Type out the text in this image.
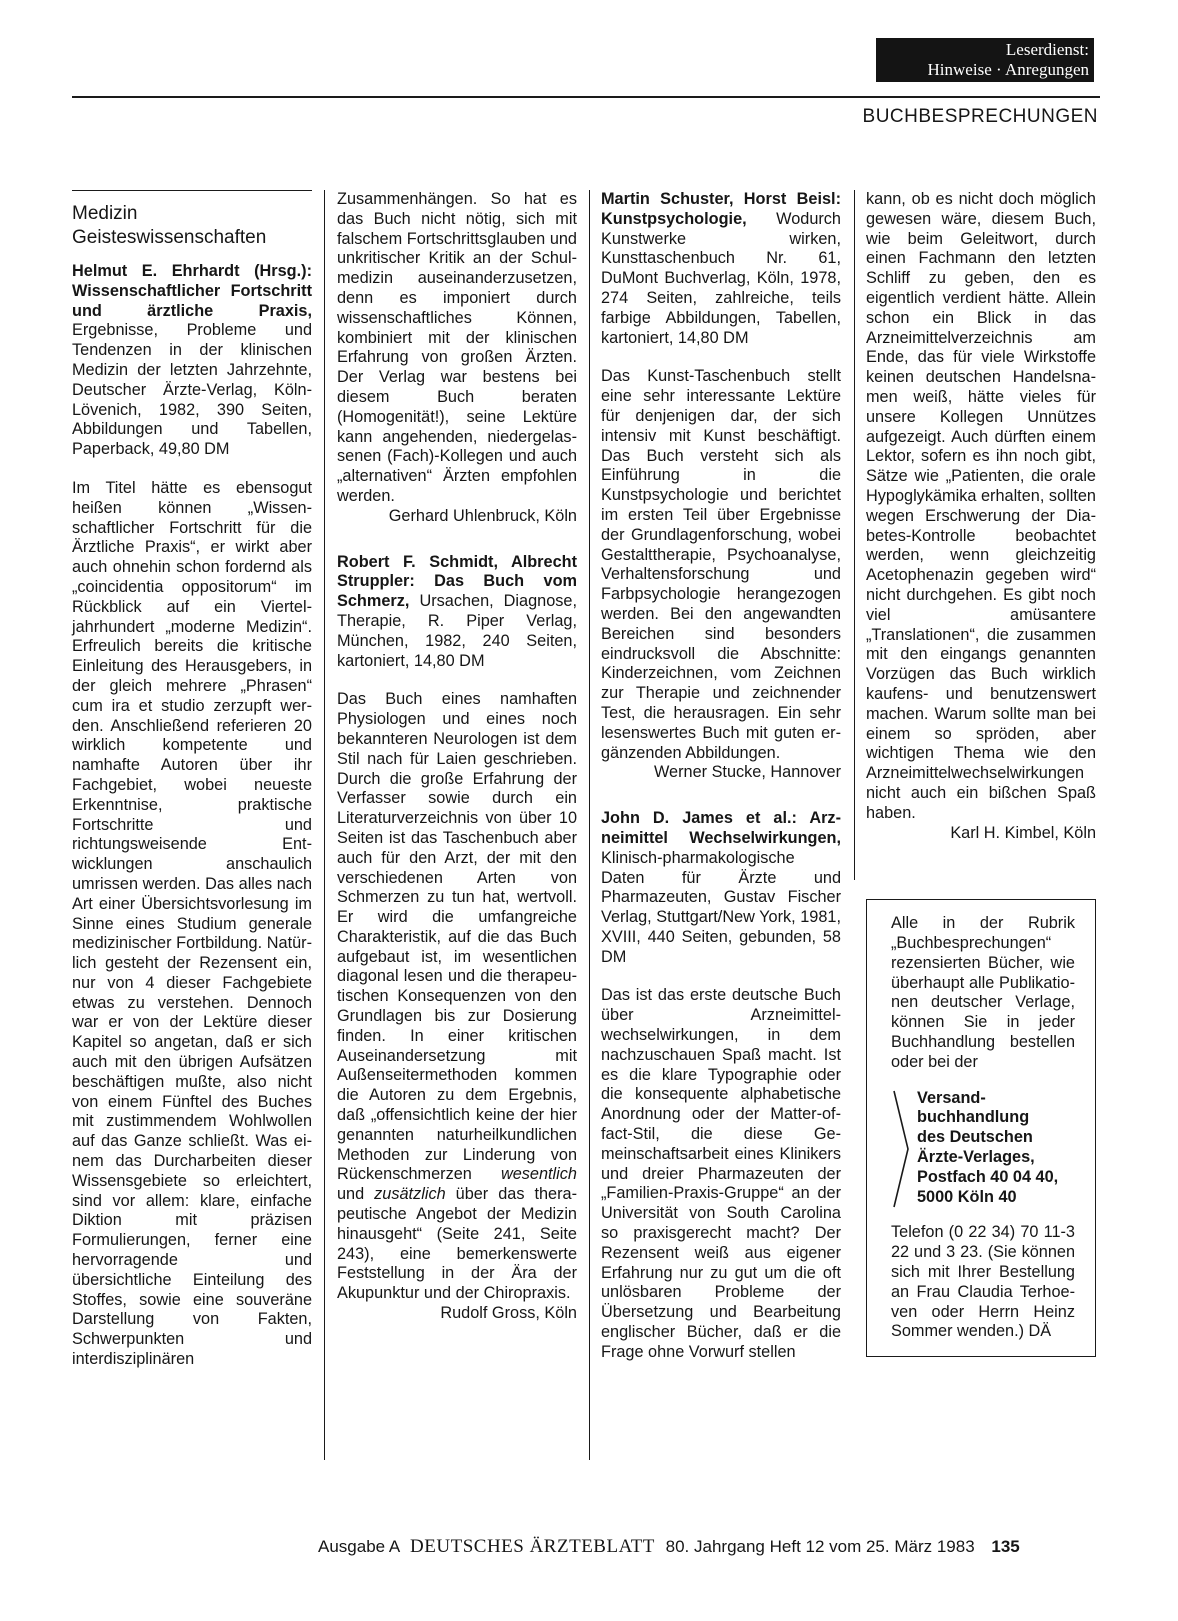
Leserdienst:
Hinweise · Anregungen
BUCHBESPRECHUNGEN
Medizin
Geisteswissenschaften

Helmut E. Ehrhardt (Hrsg.): Wissenschaftlicher Fortschritt und ärztliche Praxis, Ergebnisse, Probleme und Tendenzen in der klinischen Medizin der letzten Jahrzehnte, Deutscher Ärzte-Verlag, Köln-Lövenich, 1982, 390 Seiten, Abbildungen und Tabellen, Paperback, 49,80 DM

Im Titel hätte es ebensogut heißen können „Wissenschaftlicher Fortschritt für die Ärztliche Praxis“, er wirkt aber auch ohnehin schon fordernd als „coincidentia oppositorum“ im Rückblick auf ein Vierteljahrhundert „moderne Medizin“. Erfreulich bereits die kritische Einleitung des Herausgebers, in der gleich mehrere „Phrasen“ cum ira et studio zerzupft werden. Anschließend referieren 20 wirklich kompetente und namhafte Autoren über ihr Fachgebiet, wobei neueste Erkenntnise, praktische Fortschritte und richtungsweisende Entwicklungen anschaulich umrissen werden. Das alles nach Art einer Übersichtsvorlesung im Sinne eines Studium generale medizinischer Fortbildung. Natürlich gesteht der Rezensent ein, nur von 4 dieser Fachgebiete etwas zu verstehen. Dennoch war er von der Lektüre dieser Kapitel so angetan, daß er sich auch mit den übrigen Aufsätzen beschäftigen mußte, also nicht von einem Fünftel des Buches mit zustimmendem Wohlwollen auf das Ganze schließt. Was einem das Durcharbeiten dieser Wissensgebiete so erleichtert, sind vor allem: klare, einfache Diktion mit präzisen Formulierungen, ferner eine hervorragende und übersichtliche Einteilung des Stoffes, sowie eine souveräne Darstellung von Fakten, Schwerpunkten und interdisziplinären

Zusammenhängen. So hat es das Buch nicht nötig, sich mit falschem Fortschrittsglauben und unkritischer Kritik an der Schulmedizin auseinanderzusetzen, denn es imponiert durch wissenschaftliches Können, kombiniert mit der klinischen Erfahrung von großen Ärzten. Der Verlag war bestens bei diesem Buch beraten (Homogenität!), seine Lektüre kann angehenden, niedergelassenen (Fach)-Kollegen und auch „alternativen“ Ärzten empfohlen werden.

Gerhard Uhlenbruck, Köln

Robert F. Schmidt, Albrecht Struppler: Das Buch vom Schmerz, Ursachen, Diagnose, Therapie, R. Piper Verlag, München, 1982, 240 Seiten, kartoniert, 14,80 DM

Das Buch eines namhaften Physiologen und eines noch bekannteren Neurologen ist dem Stil nach für Laien geschrieben. Durch die große Erfahrung der Verfasser sowie durch ein Literaturverzeichnis von über 10 Seiten ist das Taschenbuch aber auch für den Arzt, der mit den verschiedenen Arten von Schmerzen zu tun hat, wertvoll. Er wird die umfangreiche Charakteristik, auf die das Buch aufgebaut ist, im wesentlichen diagonal lesen und die therapeutischen Konsequenzen von den Grundlagen bis zur Dosierung finden. In einer kritischen Auseinandersetzung mit Außenseitermethoden kommen die Autoren zu dem Ergebnis, daß „offensichtlich keine der hier genannten naturheilkundlichen Methoden zur Linderung von Rückenschmerzen wesentlich und zusätzlich über das therapeutische Angebot der Medizin hinausgeht“ (Seite 241, Seite 243), eine bemerkenswerte Feststellung in der Ära der Akupunktur und der Chiropraxis.

Rudolf Gross, Köln

Martin Schuster, Horst Beisl: Kunstpsychologie, Wodurch Kunstwerke wirken, Kunsttaschenbuch Nr. 61, DuMont Buchverlag, Köln, 1978, 274 Seiten, zahlreiche, teils farbige Abbildungen, Tabellen, kartoniert, 14,80 DM

Das Kunst-Taschenbuch stellt eine sehr interessante Lektüre für denjenigen dar, der sich intensiv mit Kunst beschäftigt. Das Buch versteht sich als Einführung in die Kunstpsychologie und berichtet im ersten Teil über Ergebnisse der Grundlagenforschung, wobei Gestalttherapie, Psychoanalyse, Verhaltensforschung und Farbpsychologie herangezogen werden. Bei den angewandten Bereichen sind besonders eindrucksvoll die Abschnitte: Kinderzeichnen, vom Zeichnen zur Therapie und zeichnender Test, die herausragen. Ein sehr lesenswertes Buch mit guten ergänzenden Abbildungen.

Werner Stucke, Hannover

John D. James et al.: Arzneimittel Wechselwirkungen, Klinisch-pharmakologische Daten für Ärzte und Pharmazeuten, Gustav Fischer Verlag, Stuttgart/New York, 1981, XVIII, 440 Seiten, gebunden, 58 DM

Das ist das erste deutsche Buch über Arzneimittelwechselwirkungen, in dem nachzuschauen Spaß macht. Ist es die klare Typographie oder die konsequente alphabetische Anordnung oder der Matter-of-fact-Stil, die diese Gemeinschaftsarbeit eines Klinikers und dreier Pharmazeuten der „Familien-Praxis-Gruppe“ an der Universität von South Carolina so praxisgerecht macht? Der Rezensent weiß aus eigener Erfahrung nur zu gut um die oft unlösbaren Probleme der Übersetzung und Bearbeitung englischer Bücher, daß er die Frage ohne Vorwurf stellen

kann, ob es nicht doch möglich gewesen wäre, diesem Buch, wie beim Geleitwort, durch einen Fachmann den letzten Schliff zu geben, den es eigentlich verdient hätte. Allein schon ein Blick in das Arzneimittelverzeichnis am Ende, das für viele Wirkstoffe keinen deutschen Handelsnamen weiß, hätte vieles für unsere Kollegen Unnützes aufgezeigt. Auch dürften einem Lektor, sofern es ihn noch gibt, Sätze wie „Patienten, die orale Hypoglykämika erhalten, sollten wegen Erschwerung der Diabetes-Kontrolle beobachtet werden, wenn gleichzeitig Acetophenazin gegeben wird“ nicht durchgehen. Es gibt noch viel amüsantere „Translationen“, die zusammen mit den eingangs genannten Vorzügen das Buch wirklich kaufens- und benutzenswert machen. Warum sollte man bei einem so spröden, aber wichtigen Thema wie den Arzneimittelwechselwirkungen nicht auch ein bißchen Spaß haben.

Karl H. Kimbel, Köln

Alle in der Rubrik „Buchbesprechungen“ rezensierten Bücher, wie überhaupt alle Publikationen deutscher Verlage, können Sie in jeder Buchhandlung bestellen oder bei der

Versand-
buchhandlung
des Deutschen
Ärzte-Verlages,
Postfach 40 04 40,
5000 Köln 40

Telefon (0 22 34) 70 11-3 22 und 3 23. (Sie können sich mit Ihrer Bestellung an Frau Claudia Terhoeven oder Herrn Heinz Sommer wenden.) DÄ

Ausgabe A DEUTSCHES ÄRZTEBLATT 80. Jahrgang Heft 12 vom 25. März 1983 135
